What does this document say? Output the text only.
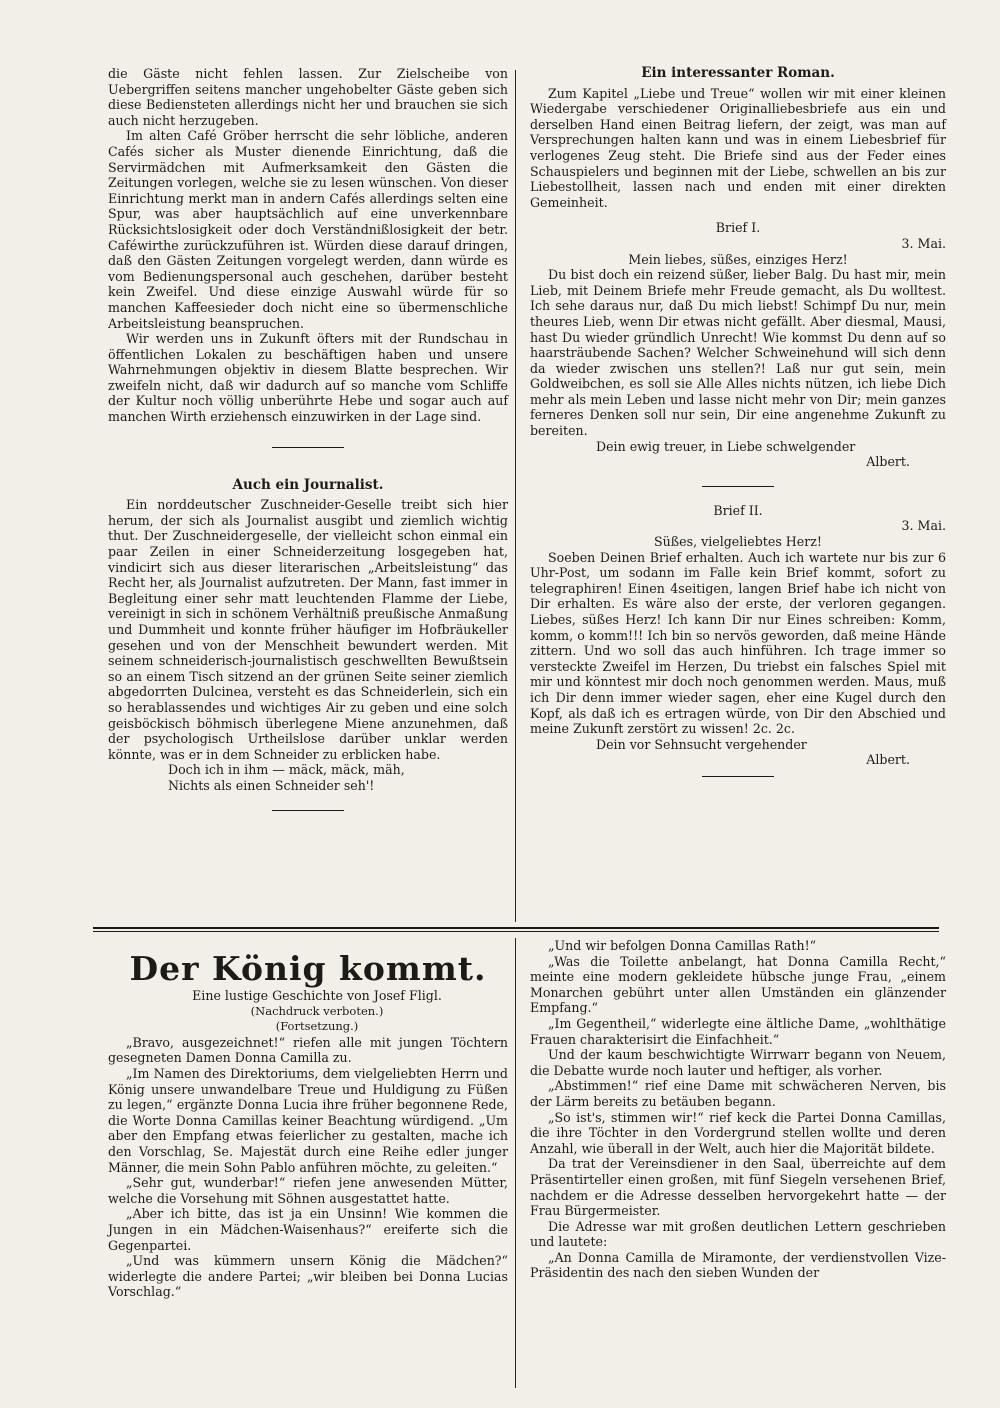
die Gäste nicht fehlen lassen. Zur Zielscheibe von Uebergriffen seitens mancher ungehobelter Gäste geben sich diese Bediensteten allerdings nicht her und brauchen sie sich auch nicht herzugeben.

Im alten Café Gröber herrscht die sehr löbliche, anderen Cafés sicher als Muster dienende Einrichtung, daß die Servirmädchen mit Aufmerksamkeit den Gästen die Zeitungen vorlegen, welche sie zu lesen wünschen. Von dieser Einrichtung merkt man in andern Cafés allerdings selten eine Spur, was aber hauptsächlich auf eine unverkennbare Rücksichtslosigkeit oder doch Verständnißlosigkeit der betr. Caféwirthe zurückzuführen ist. Würden diese darauf dringen, daß den Gästen Zeitungen vorgelegt werden, dann würde es vom Bedienungspersonal auch geschehen, darüber besteht kein Zweifel. Und diese einzige Auswahl würde für so manchen Kaffeesieder doch nicht eine so übermenschliche Arbeitsleistung beanspruchen.

Wir werden uns in Zukunft öfters mit der Rundschau in öffentlichen Lokalen zu beschäftigen haben und unsere Wahrnehmungen objektiv in diesem Blatte besprechen. Wir zweifeln nicht, daß wir dadurch auf so manche vom Schliffe der Kultur noch völlig unberührte Hebe und sogar auch auf manchen Wirth erziehensch einzuwirken in der Lage sind.

Auch ein Journalist.

Ein norddeutscher Zuschneider-Geselle treibt sich hier herum, der sich als Journalist ausgibt und ziemlich wichtig thut. Der Zuschneidergeselle, der vielleicht schon einmal ein paar Zeilen in einer Schneiderzeitung losgegeben hat, vindicirt sich aus dieser literarischen „Arbeitsleistung“ das Recht her, als Journalist aufzutreten. Der Mann, fast immer in Begleitung einer sehr matt leuchtenden Flamme der Liebe, vereinigt in sich in schönem Verhältniß preußische Anmaßung und Dummheit und konnte früher häufiger im Hofbräukeller gesehen und von der Menschheit bewundert werden. Mit seinem schneiderisch-journalistisch geschwellten Bewußtsein so an einem Tisch sitzend an der grünen Seite seiner ziemlich abgedorrten Dulcinea, versteht es das Schneiderlein, sich ein so herablassendes und wichtiges Air zu geben und eine solch geisböckisch böhmisch überlegene Miene anzunehmen, daß der psychologisch Urtheilslose darüber unklar werden könnte, was er in dem Schneider zu erblicken habe.

Doch ich in ihm — mäck, mäck, mäh,

Nichts als einen Schneider seh'!

Ein interessanter Roman.

Zum Kapitel „Liebe und Treue“ wollen wir mit einer kleinen Wiedergabe verschiedener Originalliebesbriefe aus ein und derselben Hand einen Beitrag liefern, der zeigt, was man auf Versprechungen halten kann und was in einem Liebesbrief für verlogenes Zeug steht. Die Briefe sind aus der Feder eines Schauspielers und beginnen mit der Liebe, schwellen an bis zur Liebestollheit, lassen nach und enden mit einer direkten Gemeinheit.

Brief I.

3. Mai.

Mein liebes, süßes, einziges Herz!

Du bist doch ein reizend süßer, lieber Balg. Du hast mir, mein Lieb, mit Deinem Briefe mehr Freude gemacht, als Du wolltest. Ich sehe daraus nur, daß Du mich liebst! Schimpf Du nur, mein theures Lieb, wenn Dir etwas nicht gefällt. Aber diesmal, Mausi, hast Du wieder gründlich Unrecht! Wie kommst Du denn auf so haarsträubende Sachen? Welcher Schweinehund will sich denn da wieder zwischen uns stellen?! Laß nur gut sein, mein Goldweibchen, es soll sie Alle Alles nichts nützen, ich liebe Dich mehr als mein Leben und lasse nicht mehr von Dir; mein ganzes ferneres Denken soll nur sein, Dir eine angenehme Zukunft zu bereiten.

Dein ewig treuer, in Liebe schwelgender

Albert.

Brief II.

3. Mai.

Süßes, vielgeliebtes Herz!

Soeben Deinen Brief erhalten. Auch ich wartete nur bis zur 6 Uhr-Post, um sodann im Falle kein Brief kommt, sofort zu telegraphiren! Einen 4seitigen, langen Brief habe ich nicht von Dir erhalten. Es wäre also der erste, der verloren gegangen. Liebes, süßes Herz! Ich kann Dir nur Eines schreiben: Komm, komm, o komm!!! Ich bin so nervös geworden, daß meine Hände zittern. Und wo soll das auch hinführen. Ich trage immer so versteckte Zweifel im Herzen, Du triebst ein falsches Spiel mit mir und könntest mir doch noch genommen werden. Maus, muß ich Dir denn immer wieder sagen, eher eine Kugel durch den Kopf, als daß ich es ertragen würde, von Dir den Abschied und meine Zukunft zerstört zu wissen! 2c. 2c.

Dein vor Sehnsucht vergehender

Albert.

Der König kommt.

Eine lustige Geschichte von Josef Fligl.

(Nachdruck verboten.)

(Fortsetzung.)

„Bravo, ausgezeichnet!“ riefen alle mit jungen Töchtern gesegneten Damen Donna Camilla zu.

„Im Namen des Direktoriums, dem vielgeliebten Herrn und König unsere unwandelbare Treue und Huldigung zu Füßen zu legen,“ ergänzte Donna Lucia ihre früher begonnene Rede, die Worte Donna Camillas keiner Beachtung würdigend. „Um aber den Empfang etwas feierlicher zu gestalten, mache ich den Vorschlag, Se. Majestät durch eine Reihe edler junger Männer, die mein Sohn Pablo anführen möchte, zu geleiten.“

„Sehr gut, wunderbar!“ riefen jene anwesenden Mütter, welche die Vorsehung mit Söhnen ausgestattet hatte.

„Aber ich bitte, das ist ja ein Unsinn! Wie kommen die Jungen in ein Mädchen-Waisenhaus?“ ereiferte sich die Gegenpartei.

„Und was kümmern unsern König die Mädchen?“ widerlegte die andere Partei; „wir bleiben bei Donna Lucias Vorschlag.“

„Und wir befolgen Donna Camillas Rath!“

„Was die Toilette anbelangt, hat Donna Camilla Recht,“ meinte eine modern gekleidete hübsche junge Frau, „einem Monarchen gebührt unter allen Umständen ein glänzender Empfang.“

„Im Gegentheil,“ widerlegte eine ältliche Dame, „wohlthätige Frauen charakterisirt die Einfachheit.“

Und der kaum beschwichtigte Wirrwarr begann von Neuem, die Debatte wurde noch lauter und heftiger, als vorher.

„Abstimmen!“ rief eine Dame mit schwächeren Nerven, bis der Lärm bereits zu betäuben begann.

„So ist's, stimmen wir!“ rief keck die Partei Donna Camillas, die ihre Töchter in den Vordergrund stellen wollte und deren Anzahl, wie überall in der Welt, auch hier die Majorität bildete.

Da trat der Vereinsdiener in den Saal, überreichte auf dem Präsentirteller einen großen, mit fünf Siegeln versehenen Brief, nachdem er die Adresse desselben hervorgekehrt hatte — der Frau Bürgermeister.

Die Adresse war mit großen deutlichen Lettern geschrieben und lautete:

„An Donna Camilla de Miramonte, der verdienstvollen Vize-Präsidentin des nach den sieben Wunden der
